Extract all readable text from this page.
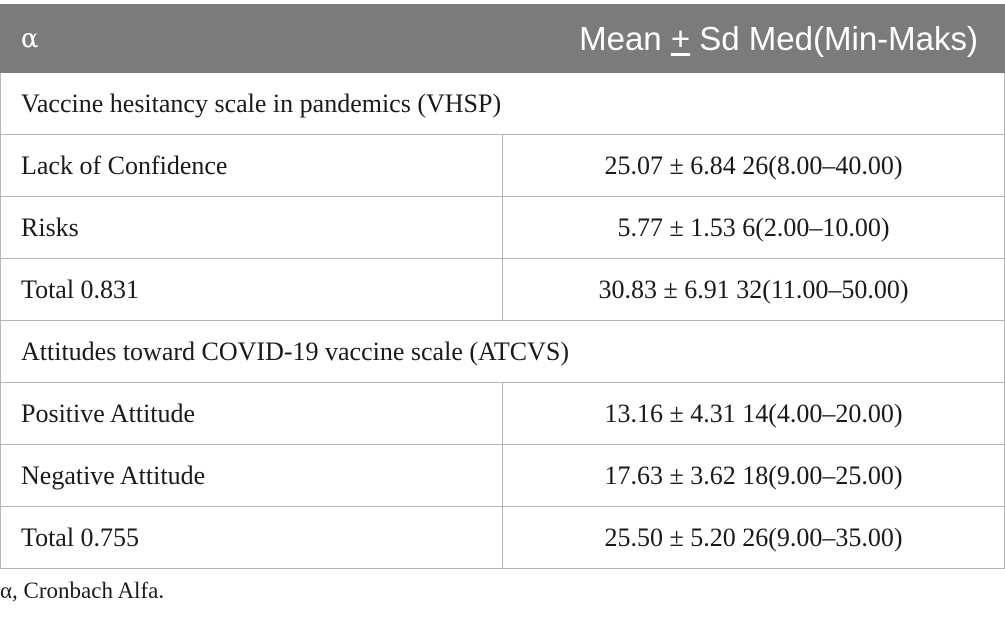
α	Mean + Sd Med(Min-Maks)
Vaccine hesitancy scale in pandemics (VHSP)	
Lack of Confidence	25.07 ± 6.84 26(8.00–40.00)
Risks	5.77 ± 1.53 6(2.00–10.00)
Total 0.831	30.83 ± 6.91 32(11.00–50.00)
Attitudes toward COVID-19 vaccine scale (ATCVS)	
Positive Attitude	13.16 ± 4.31 14(4.00–20.00)
Negative Attitude	17.63 ± 3.62 18(9.00–25.00)
Total 0.755	25.50 ± 5.20 26(9.00–35.00)
α, Cronbach Alfa.
